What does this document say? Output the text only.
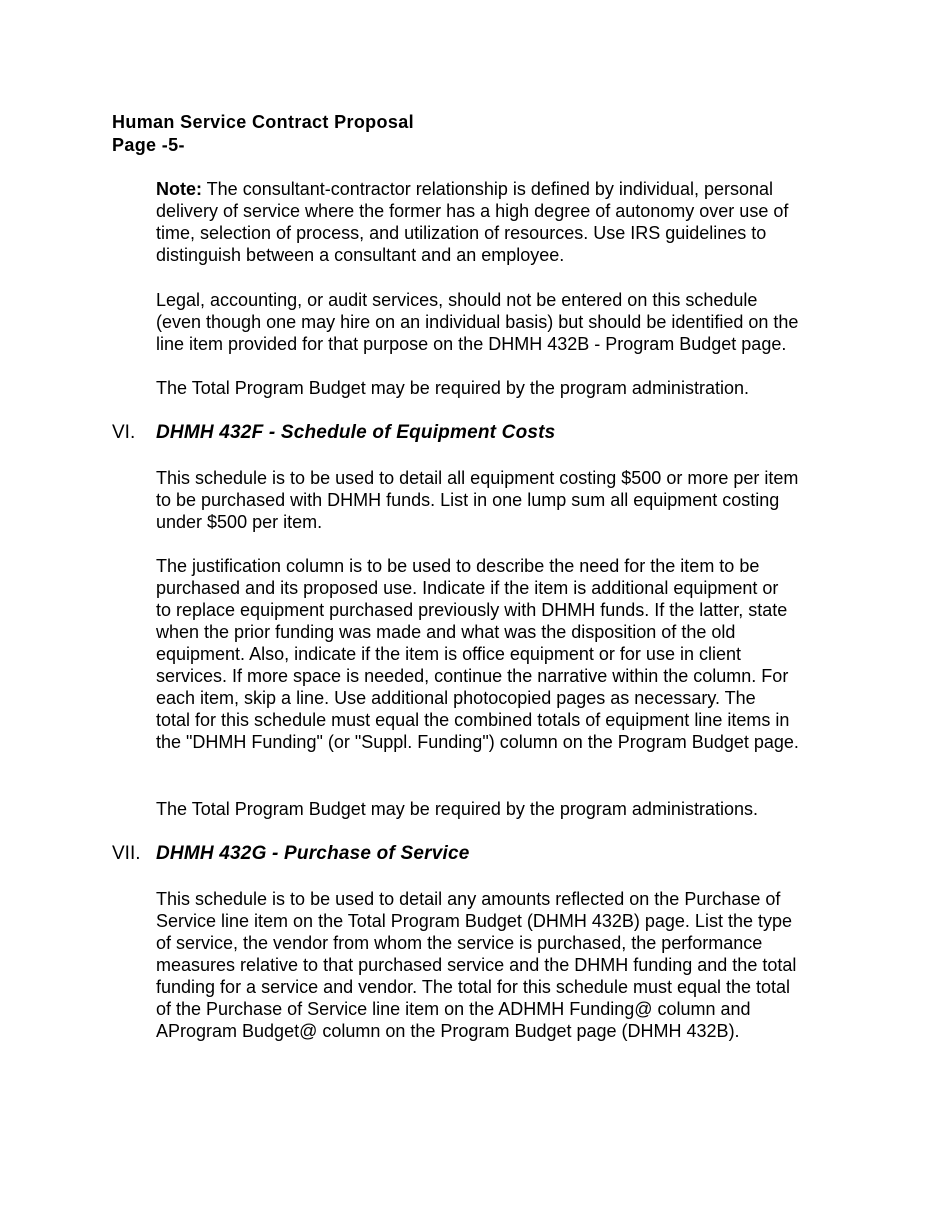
Human Service Contract Proposal
Page -5-

Note: The consultant-contractor relationship is defined by individual, personal
delivery of service where the former has a high degree of autonomy over use of
time, selection of process, and utilization of resources. Use IRS guidelines to
distinguish between a consultant and an employee.

Legal, accounting, or audit services, should not be entered on this schedule
(even though one may hire on an individual basis) but should be identified on the
line item provided for that purpose on the DHMH 432B - Program Budget page.

The Total Program Budget may be required by the program administration.

VI. DHMH 432F - Schedule of Equipment Costs

This schedule is to be used to detail all equipment costing $500 or more per item
to be purchased with DHMH funds. List in one lump sum all equipment costing
under $500 per item.

The justification column is to be used to describe the need for the item to be
purchased and its proposed use. Indicate if the item is additional equipment or
to replace equipment purchased previously with DHMH funds. If the latter, state
when the prior funding was made and what was the disposition of the old
equipment. Also, indicate if the item is office equipment or for use in client
services. If more space is needed, continue the narrative within the column. For
each item, skip a line. Use additional photocopied pages as necessary. The
total for this schedule must equal the combined totals of equipment line items in
the "DHMH Funding" (or "Suppl. Funding") column on the Program Budget page.

The Total Program Budget may be required by the program administrations.

VII. DHMH 432G - Purchase of Service

This schedule is to be used to detail any amounts reflected on the Purchase of
Service line item on the Total Program Budget (DHMH 432B) page. List the type
of service, the vendor from whom the service is purchased, the performance
measures relative to that purchased service and the DHMH funding and the total
funding for a service and vendor. The total for this schedule must equal the total
of the Purchase of Service line item on the ADHMH Funding@ column and
AProgram Budget@ column on the Program Budget page (DHMH 432B).
